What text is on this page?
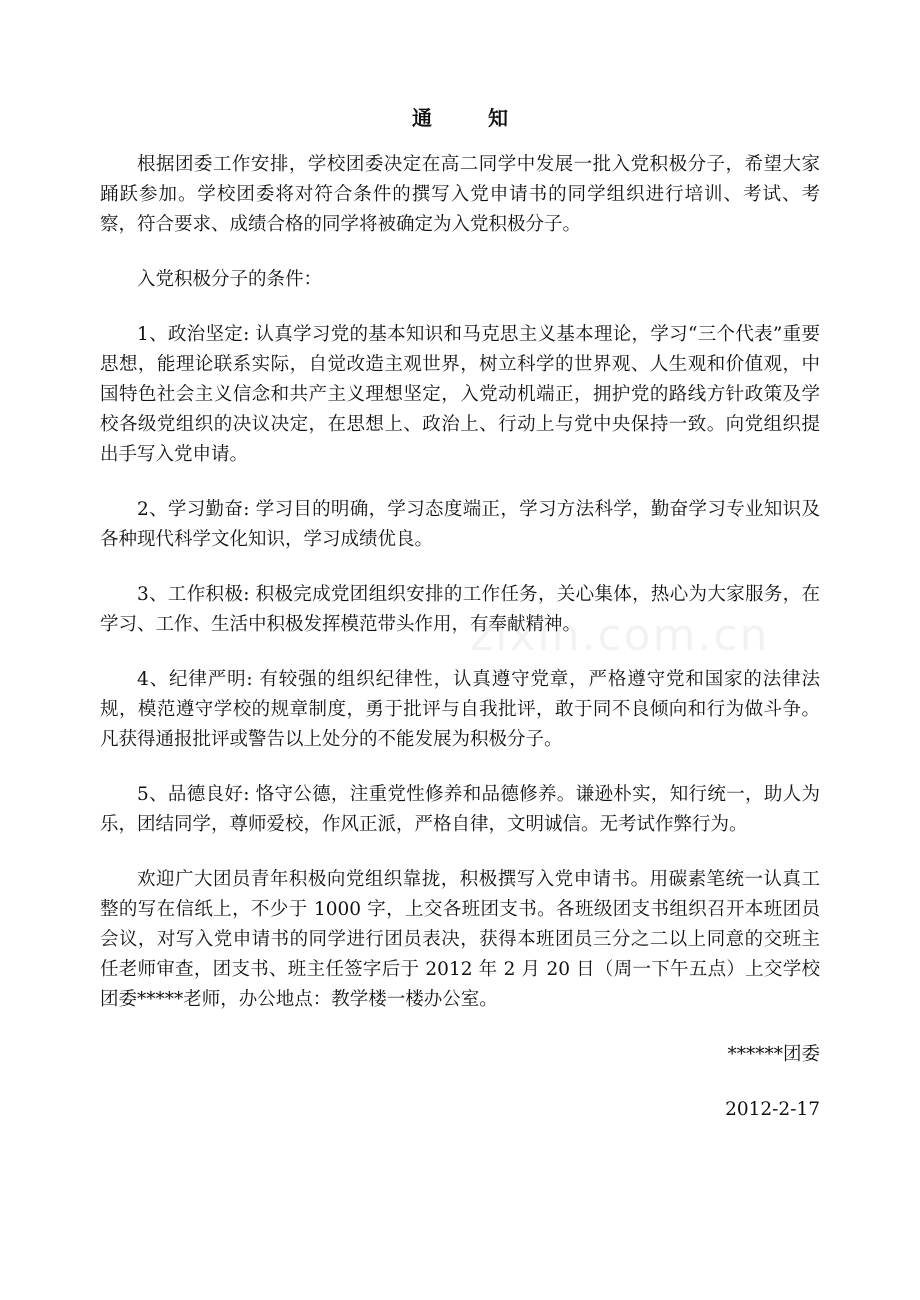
通　知

根据团委工作安排，学校团委决定在高二同学中发展一批入党积极分子，希望大家踊跃参加。学校团委将对符合条件的撰写入党申请书的同学组织进行培训、考试、考察，符合要求、成绩合格的同学将被确定为入党积极分子。

入党积极分子的条件：

1、政治坚定: 认真学习党的基本知识和马克思主义基本理论，学习“三个代表”重要思想，能理论联系实际，自觉改造主观世界，树立科学的世界观、人生观和价值观，中国特色社会主义信念和共产主义理想坚定，入党动机端正，拥护党的路线方针政策及学校各级党组织的决议决定，在思想上、政治上、行动上与党中央保持一致。向党组织提出手写入党申请。

2、学习勤奋: 学习目的明确，学习态度端正，学习方法科学，勤奋学习专业知识及各种现代科学文化知识，学习成绩优良。

3、工作积极: 积极完成党团组织安排的工作任务，关心集体，热心为大家服务，在学习、工作、生活中积极发挥模范带头作用，有奉献精神。

4、纪律严明: 有较强的组织纪律性，认真遵守党章，严格遵守党和国家的法律法规，模范遵守学校的规章制度，勇于批评与自我批评，敢于同不良倾向和行为做斗争。凡获得通报批评或警告以上处分的不能发展为积极分子。

5、品德良好: 恪守公德，注重党性修养和品德修养。谦逊朴实，知行统一，助人为乐，团结同学，尊师爱校，作风正派，严格自律，文明诚信。无考试作弊行为。

欢迎广大团员青年积极向党组织靠拢，积极撰写入党申请书。用碳素笔统一认真工整的写在信纸上，不少于 1000 字，上交各班团支书。各班级团支书组织召开本班团员会议，对写入党申请书的同学进行团员表决，获得本班团员三分之二以上同意的交班主任老师审查，团支书、班主任签字后于 2012 年 2 月 20 日（周一下午五点）上交学校团委*****老师，办公地点：教学楼一楼办公室。

******团委

2012-2-17

zixin.com.cn
